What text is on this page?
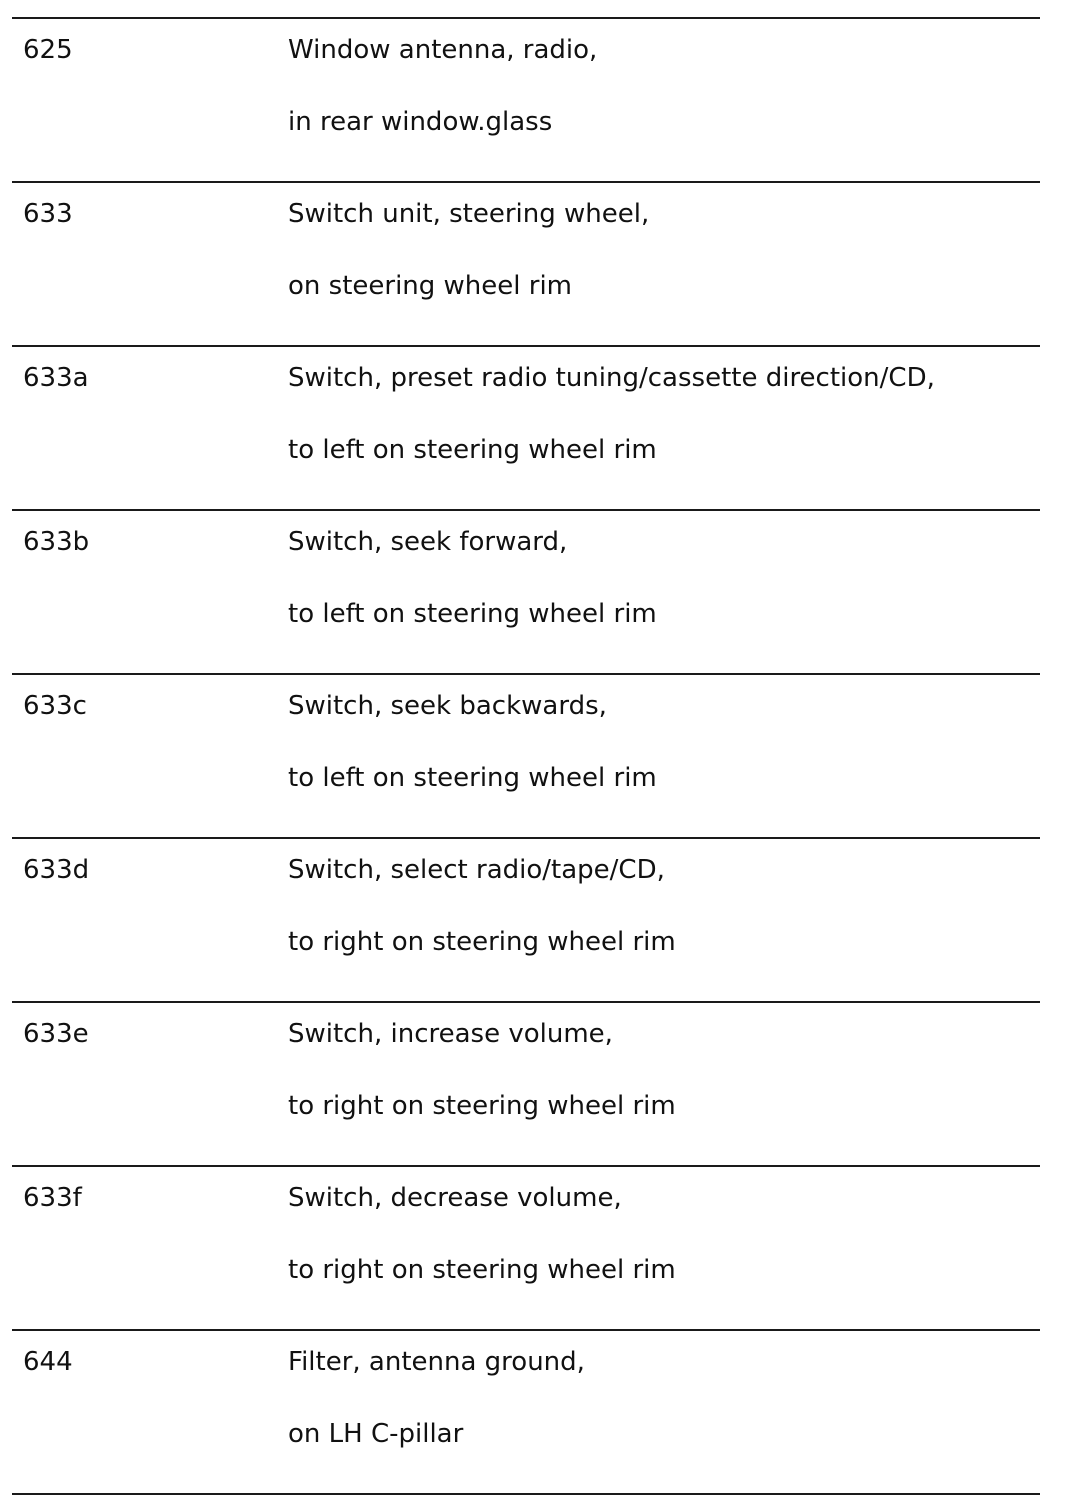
625	Window antenna, radio,
in rear window.glass
633	Switch unit, steering wheel,
on steering wheel rim
633a	Switch, preset radio tuning/cassette direction/CD,
to left on steering wheel rim
633b	Switch, seek forward,
to left on steering wheel rim
633c	Switch, seek backwards,
to left on steering wheel rim
633d	Switch, select radio/tape/CD,
to right on steering wheel rim
633e	Switch, increase volume,
to right on steering wheel rim
633f	Switch, decrease volume,
to right on steering wheel rim
644	Filter, antenna ground,
on LH C-pillar
